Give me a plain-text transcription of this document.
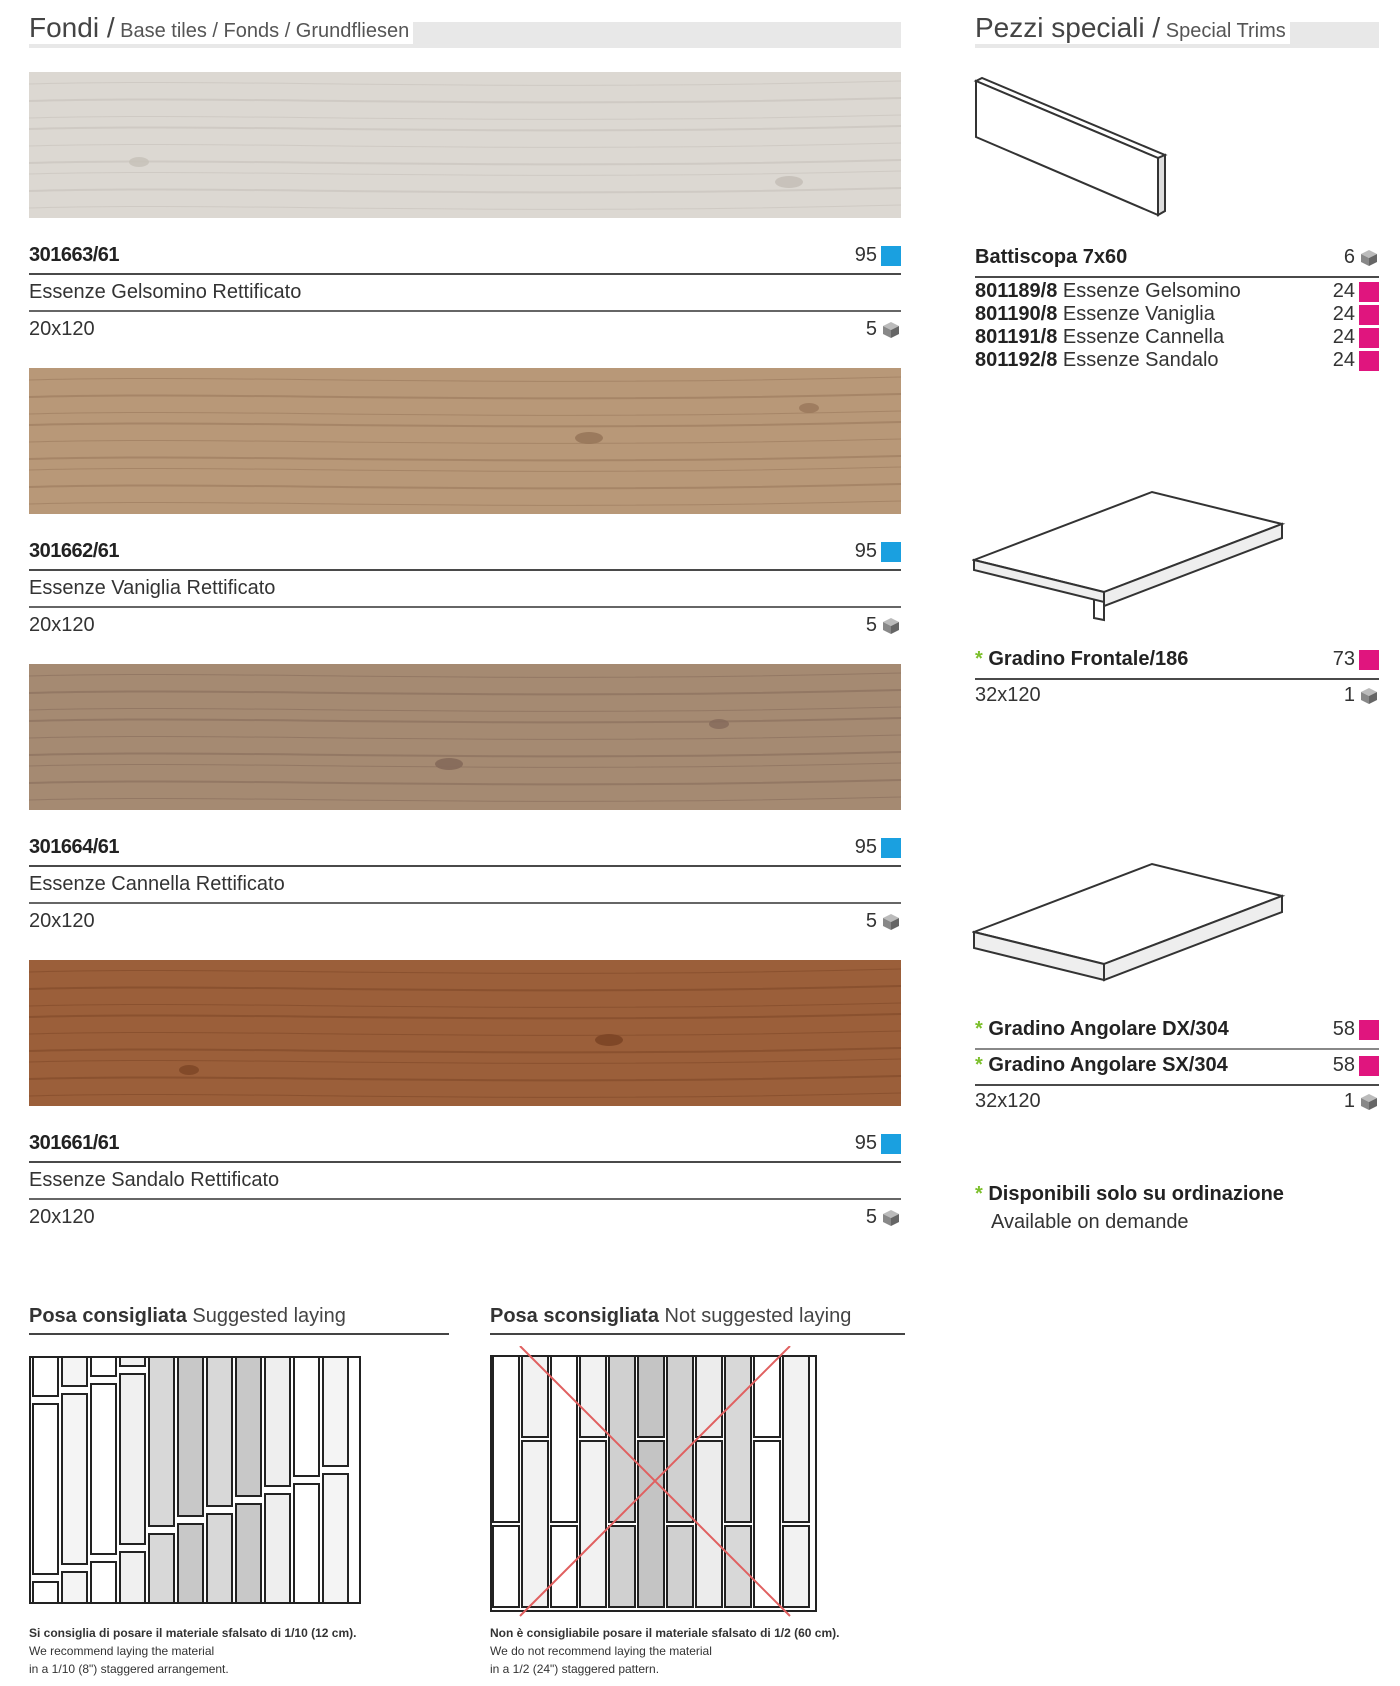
Fondi / Base tiles / Fonds / Grundfliesen
301663/61	95
Essenze Gelsomino Rettificato
20x120	5
301662/61	95
Essenze Vaniglia Rettificato
20x120	5
301664/61	95
Essenze Cannella Rettificato
20x120	5
301661/61	95
Essenze Sandalo Rettificato
20x120	5
Pezzi speciali / Special Trims
Battiscopa 7x60	6
801189/8 Essenze Gelsomino	24
801190/8 Essenze Vaniglia	24
801191/8 Essenze Cannella	24
801192/8 Essenze Sandalo	24
* Gradino Frontale/186	73
32x120	1
* Gradino Angolare DX/304	58
* Gradino Angolare SX/304	58
32x120	1
* Disponibili solo su ordinazione
Available on demande
Posa consigliata Suggested laying	Posa sconsigliata Not suggested laying
Si consiglia di posare il materiale sfalsato di 1/10 (12 cm).
We recommend laying the material
in a 1/10 (8") staggered arrangement.
Non è consigliabile posare il materiale sfalsato di 1/2 (60 cm).
We do not recommend laying the material
in a 1/2 (24") staggered pattern.
